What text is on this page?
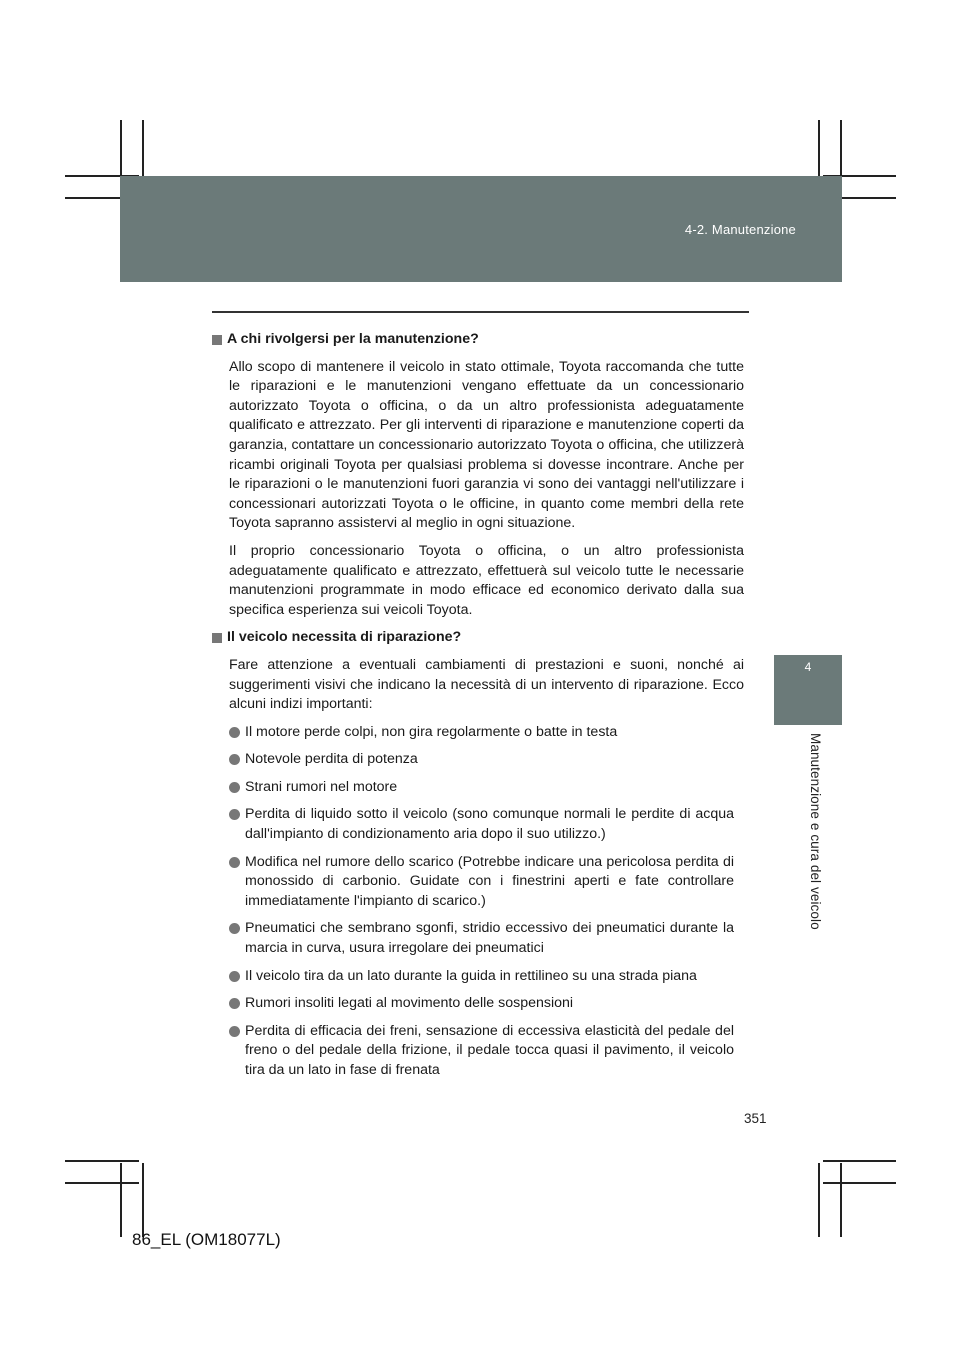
4-2. Manutenzione
4
Manutenzione e cura del veicolo
A chi rivolgersi per la manutenzione?

Allo scopo di mantenere il veicolo in stato ottimale, Toyota raccomanda che tutte le riparazioni e le manutenzioni vengano effettuate da un concessionario autorizzato Toyota o officina, o da un altro professionista adeguatamente qualificato e attrezzato. Per gli interventi di riparazione e manutenzione coperti da garanzia, contattare un concessionario autorizzato Toyota o officina, che utilizzerà ricambi originali Toyota per qualsiasi problema si dovesse incontrare. Anche per le riparazioni o le manutenzioni fuori garanzia vi sono dei vantaggi nell'utilizzare i concessionari autorizzati Toyota o le officine, in quanto come membri della rete Toyota sapranno assistervi al meglio in ogni situazione.

Il proprio concessionario Toyota o officina, o un altro professionista adeguatamente qualificato e attrezzato, effettuerà sul veicolo tutte le necessarie manutenzioni programmate in modo efficace ed economico derivato dalla sua specifica esperienza sui veicoli Toyota.

Il veicolo necessita di riparazione?

Fare attenzione a eventuali cambiamenti di prestazioni e suoni, nonché ai suggerimenti visivi che indicano la necessità di un intervento di riparazione. Ecco alcuni indizi importanti:

Il motore perde colpi, non gira regolarmente o batte in testa
Notevole perdita di potenza
Strani rumori nel motore
Perdita di liquido sotto il veicolo (sono comunque normali le perdite di acqua dall'impianto di condizionamento aria dopo il suo utilizzo.)
Modifica nel rumore dello scarico (Potrebbe indicare una pericolosa perdita di monossido di carbonio. Guidate con i finestrini aperti e fate controllare immediatamente l'impianto di scarico.)
Pneumatici che sembrano sgonfi, stridio eccessivo dei pneumatici durante la marcia in curva, usura irregolare dei pneumatici
Il veicolo tira da un lato durante la guida in rettilineo su una strada piana
Rumori insoliti legati al movimento delle sospensioni
Perdita di efficacia dei freni, sensazione di eccessiva elasticità del pedale del freno o del pedale della frizione, il pedale tocca quasi il pavimento, il veicolo tira da un lato in fase di frenata
351
86_EL (OM18077L)
